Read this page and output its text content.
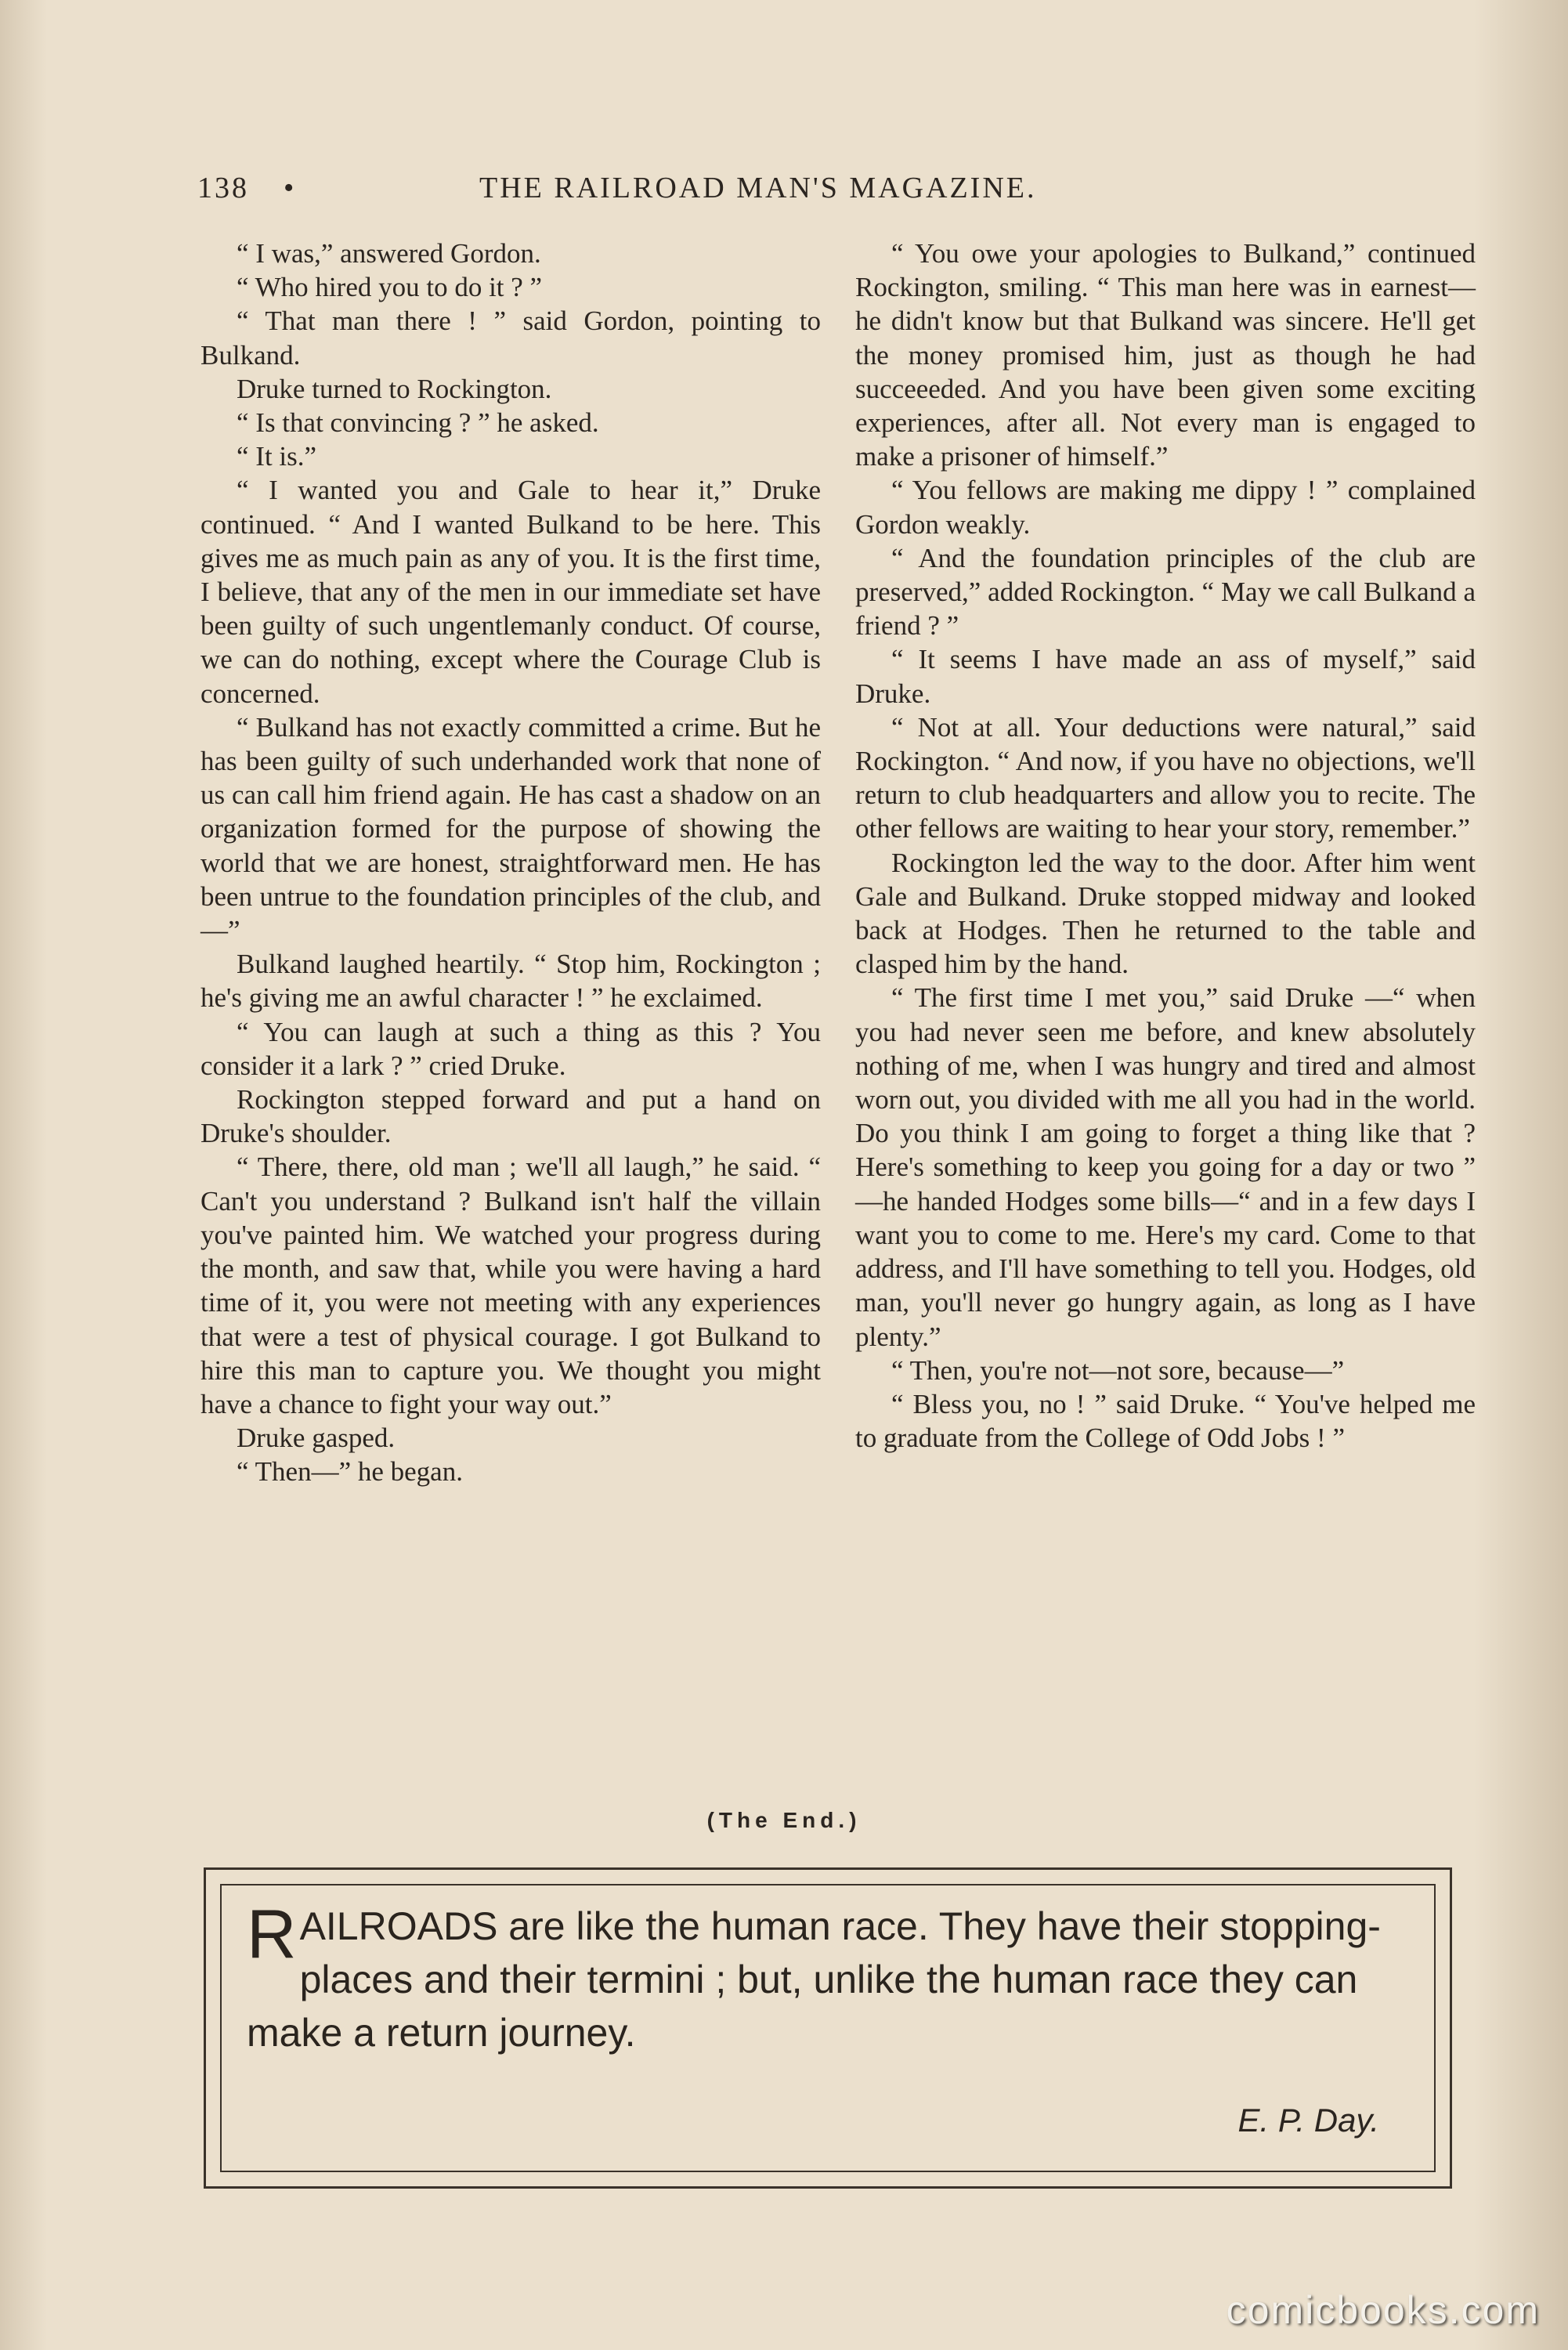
138 •	THE RAILROAD MAN'S MAGAZINE.

“ I was,” answered Gordon.

“ Who hired you to do it ? ”

“ That man there ! ” said Gordon, pointing to Bulkand.

Druke turned to Rockington.

“ Is that convincing ? ” he asked.

“ It is.”

“ I wanted you and Gale to hear it,” Druke continued. “ And I wanted Bulkand to be here. This gives me as much pain as any of you. It is the first time, I believe, that any of the men in our immediate set have been guilty of such ungentlemanly conduct. Of course, we can do nothing, except where the Courage Club is concerned.

“ Bulkand has not exactly committed a crime. But he has been guilty of such underhanded work that none of us can call him friend again. He has cast a shadow on an organization formed for the purpose of showing the world that we are honest, straightforward men. He has been untrue to the foundation principles of the club, and—”

Bulkand laughed heartily. “ Stop him, Rockington ; he's giving me an awful character ! ” he exclaimed.

“ You can laugh at such a thing as this ? You consider it a lark ? ” cried Druke.

Rockington stepped forward and put a hand on Druke's shoulder.

“ There, there, old man ; we'll all laugh,” he said. “ Can't you understand ? Bulkand isn't half the villain you've painted him. We watched your progress during the month, and saw that, while you were having a hard time of it, you were not meeting with any experiences that were a test of physical courage. I got Bulkand to hire this man to capture you. We thought you might have a chance to fight your way out.”

Druke gasped.

“ Then—” he began.

“ You owe your apologies to Bulkand,” continued Rockington, smiling. “ This man here was in earnest—he didn't know but that Bulkand was sincere. He'll get the money promised him, just as though he had succeeeded. And you have been given some exciting experiences, after all. Not every man is engaged to make a prisoner of himself.”

“ You fellows are making me dippy ! ” complained Gordon weakly.

“ And the foundation principles of the club are preserved,” added Rockington. “ May we call Bulkand a friend ? ”

“ It seems I have made an ass of myself,” said Druke.

“ Not at all. Your deductions were natural,” said Rockington. “ And now, if you have no objections, we'll return to club headquarters and allow you to recite. The other fellows are waiting to hear your story, remember.”

Rockington led the way to the door. After him went Gale and Bulkand. Druke stopped midway and looked back at Hodges. Then he returned to the table and clasped him by the hand.

“ The first time I met you,” said Druke —“ when you had never seen me before, and knew absolutely nothing of me, when I was hungry and tired and almost worn out, you divided with me all you had in the world. Do you think I am going to forget a thing like that ? Here's something to keep you going for a day or two ” —he handed Hodges some bills—“ and in a few days I want you to come to me. Here's my card. Come to that address, and I'll have something to tell you. Hodges, old man, you'll never go hungry again, as long as I have plenty.”

“ Then, you're not—not sore, because—”

“ Bless you, no ! ” said Druke. “ You've helped me to graduate from the College of Odd Jobs ! ”

(The End.)
RAILROADS are like the human race. They have their stopping-places and their termini ; but, unlike the human race they can make a return journey.
E. P. Day.
comicbooks.com
